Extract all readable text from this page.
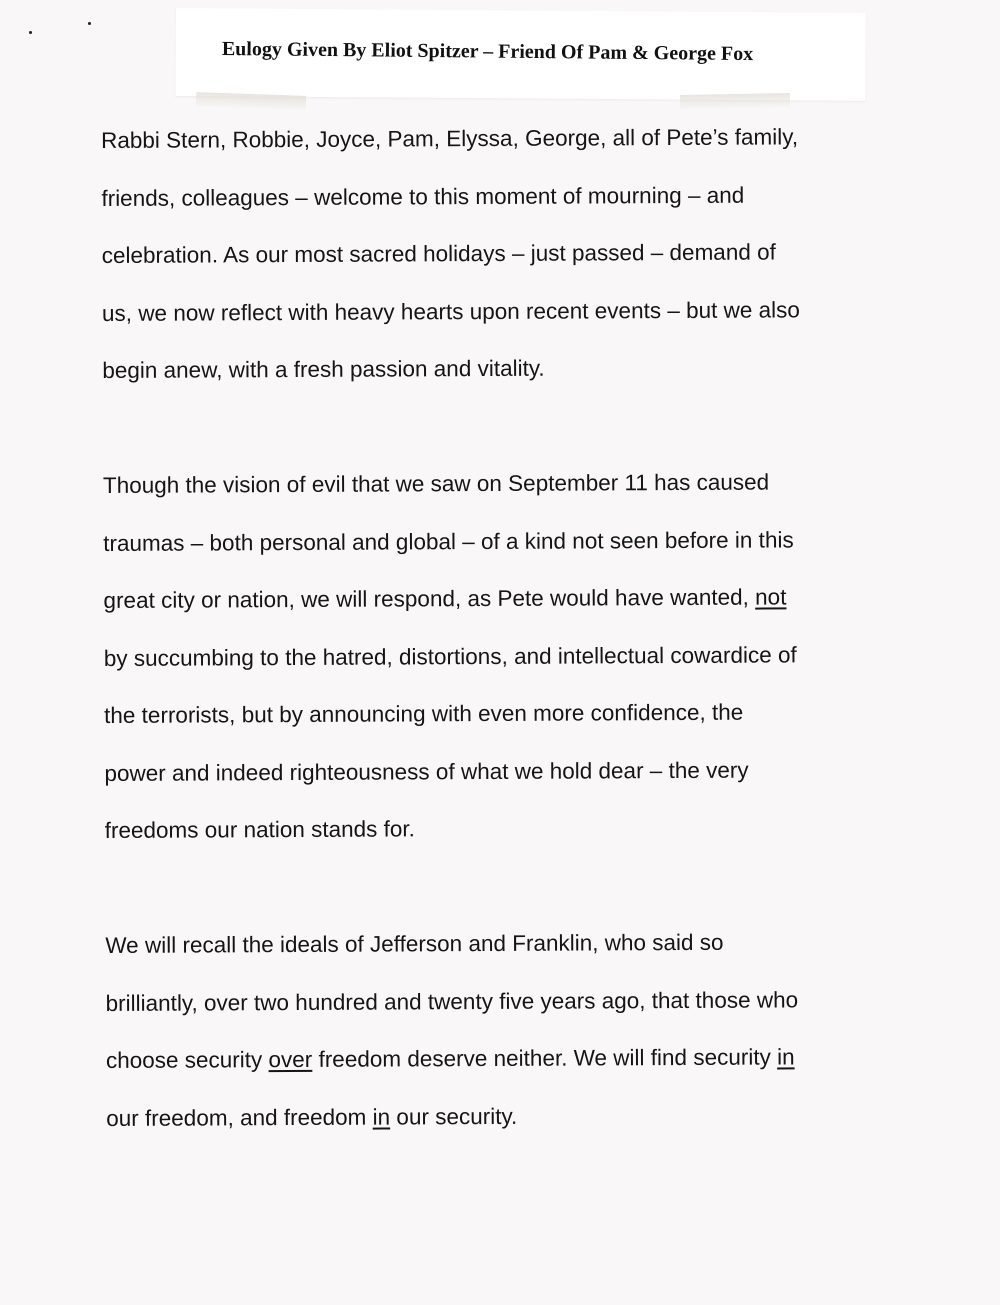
Eulogy Given By Eliot Spitzer – Friend Of Pam & George Fox
Rabbi Stern, Robbie, Joyce, Pam, Elyssa, George, all of Pete’s family,
friends, colleagues – welcome to this moment of mourning – and
celebration. As our most sacred holidays – just passed – demand of
us, we now reflect with heavy hearts upon recent events – but we also
begin anew, with a fresh passion and vitality.
Though the vision of evil that we saw on September 11 has caused
traumas – both personal and global – of a kind not seen before in this
great city or nation, we will respond, as Pete would have wanted, not
by succumbing to the hatred, distortions, and intellectual cowardice of
the terrorists, but by announcing with even more confidence, the
power and indeed righteousness of what we hold dear – the very
freedoms our nation stands for.
We will recall the ideals of Jefferson and Franklin, who said so
brilliantly, over two hundred and twenty five years ago, that those who
choose security over freedom deserve neither. We will find security in
our freedom, and freedom in our security.
